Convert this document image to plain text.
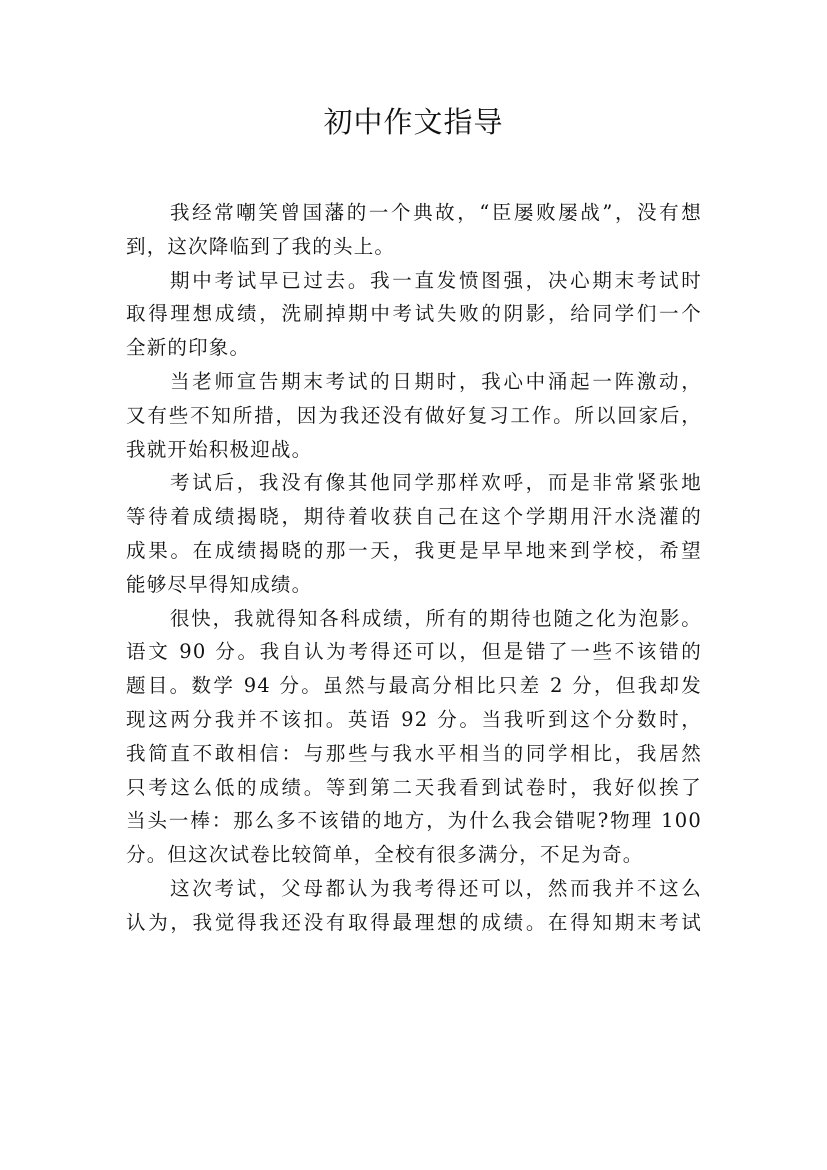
初中作文指导
我经常嘲笑曾国藩的一个典故，“臣屡败屡战”，没有想
到，这次降临到了我的头上。
期中考试早已过去。我一直发愤图强，决心期末考试时
取得理想成绩，洗刷掉期中考试失败的阴影，给同学们一个
全新的印象。
当老师宣告期末考试的日期时，我心中涌起一阵激动，
又有些不知所措，因为我还没有做好复习工作。所以回家后，
我就开始积极迎战。
考试后，我没有像其他同学那样欢呼，而是非常紧张地
等待着成绩揭晓，期待着收获自己在这个学期用汗水浇灌的
成果。在成绩揭晓的那一天，我更是早早地来到学校，希望
能够尽早得知成绩。
很快，我就得知各科成绩，所有的期待也随之化为泡影。
语文 90 分。我自认为考得还可以，但是错了一些不该错的
题目。数学 94 分。虽然与最高分相比只差 2 分，但我却发
现这两分我并不该扣。英语 92 分。当我听到这个分数时，
我简直不敢相信：与那些与我水平相当的同学相比，我居然
只考这么低的成绩。等到第二天我看到试卷时，我好似挨了
当头一棒：那么多不该错的地方，为什么我会错呢?物理 100
分。但这次试卷比较简单，全校有很多满分，不足为奇。
这次考试，父母都认为我考得还可以，然而我并不这么
认为，我觉得我还没有取得最理想的成绩。在得知期末考试
